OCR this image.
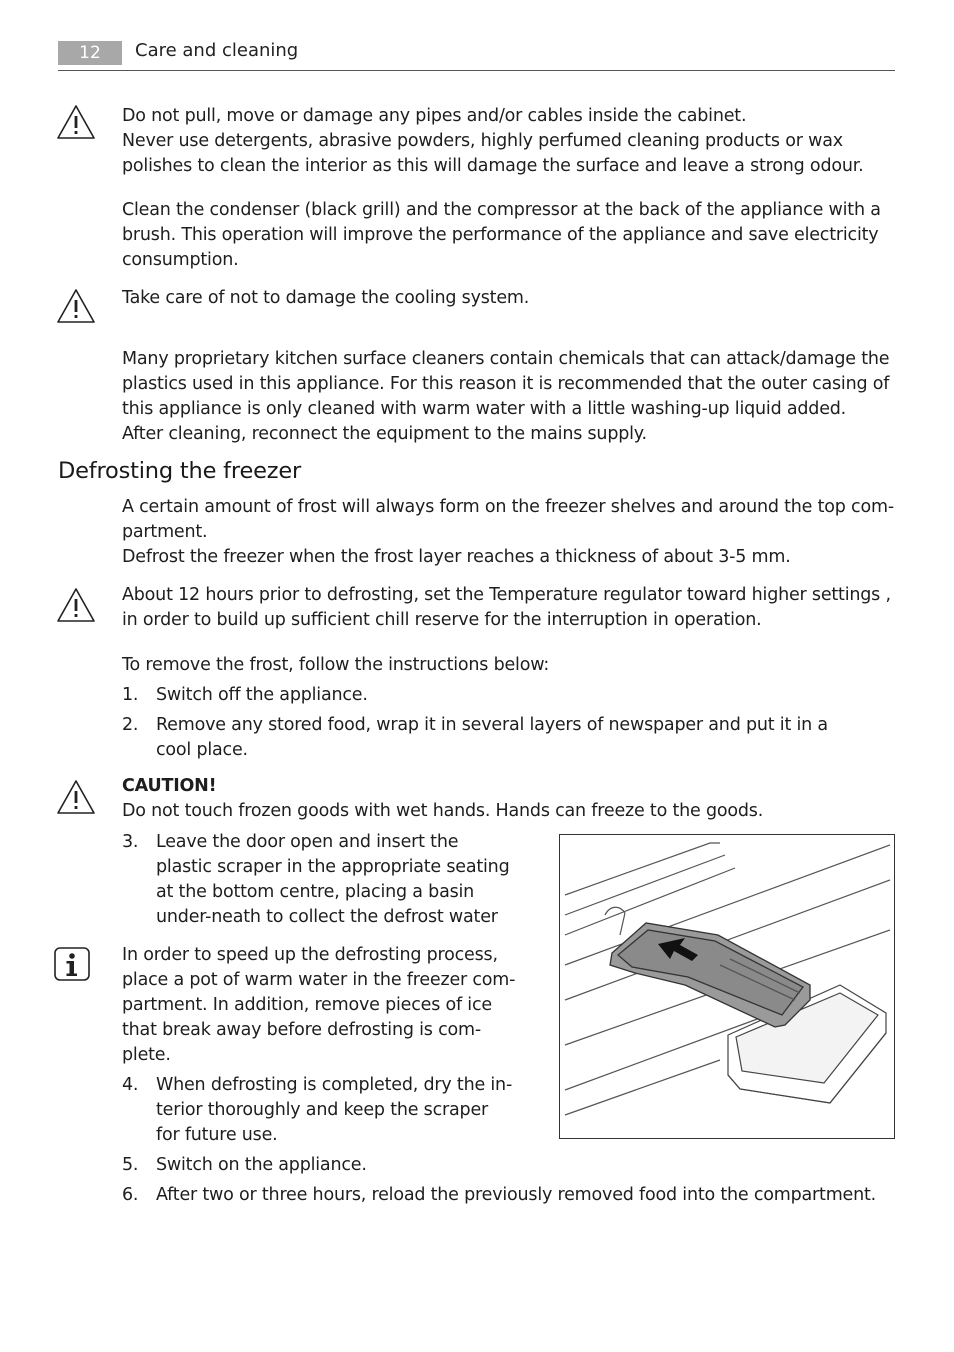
12	Care and cleaning

Do not pull, move or damage any pipes and/or cables inside the cabinet.

Never use detergents, abrasive powders, highly perfumed cleaning products or wax polishes to clean the interior as this will damage the surface and leave a strong odour.

Clean the condenser (black grill) and the compressor at the back of the appliance with a brush. This operation will improve the performance of the appliance and save electricity consumption.
Take care of not to damage the cooling system.

Many proprietary kitchen surface cleaners contain chemicals that can attack/damage the plastics used in this appliance. For this reason it is recommended that the outer casing of this appliance is only cleaned with warm water with a little washing-up liquid added.

After cleaning, reconnect the equipment to the mains supply.

Defrosting the freezer

A certain amount of frost will always form on the freezer shelves and around the top com-partment.

Defrost the freezer when the frost layer reaches a thickness of about 3-5 mm.

About 12 hours prior to defrosting, set the Temperature regulator toward higher settings , in order to build up sufficient chill reserve for the interruption in operation.
To remove the frost, follow the instructions below:
1.	Switch off the appliance.
2.	Remove any stored food, wrap it in several layers of newspaper and put it in a cool place.

CAUTION!

Do not touch frozen goods with wet hands. Hands can freeze to the goods.

3.	Leave the door open and insert the plastic scraper in the appropriate seating at the bottom centre, placing a basin under-neath to collect the defrost water
In order to speed up the defrosting process, place a pot of warm water in the freezer com-partment. In addition, remove pieces of ice that break away before defrosting is com-plete.
4.	When defrosting is completed, dry the in-terior thoroughly and keep the scraper for future use.
5.	Switch on the appliance.
6.	After two or three hours, reload the previously removed food into the compartment.
